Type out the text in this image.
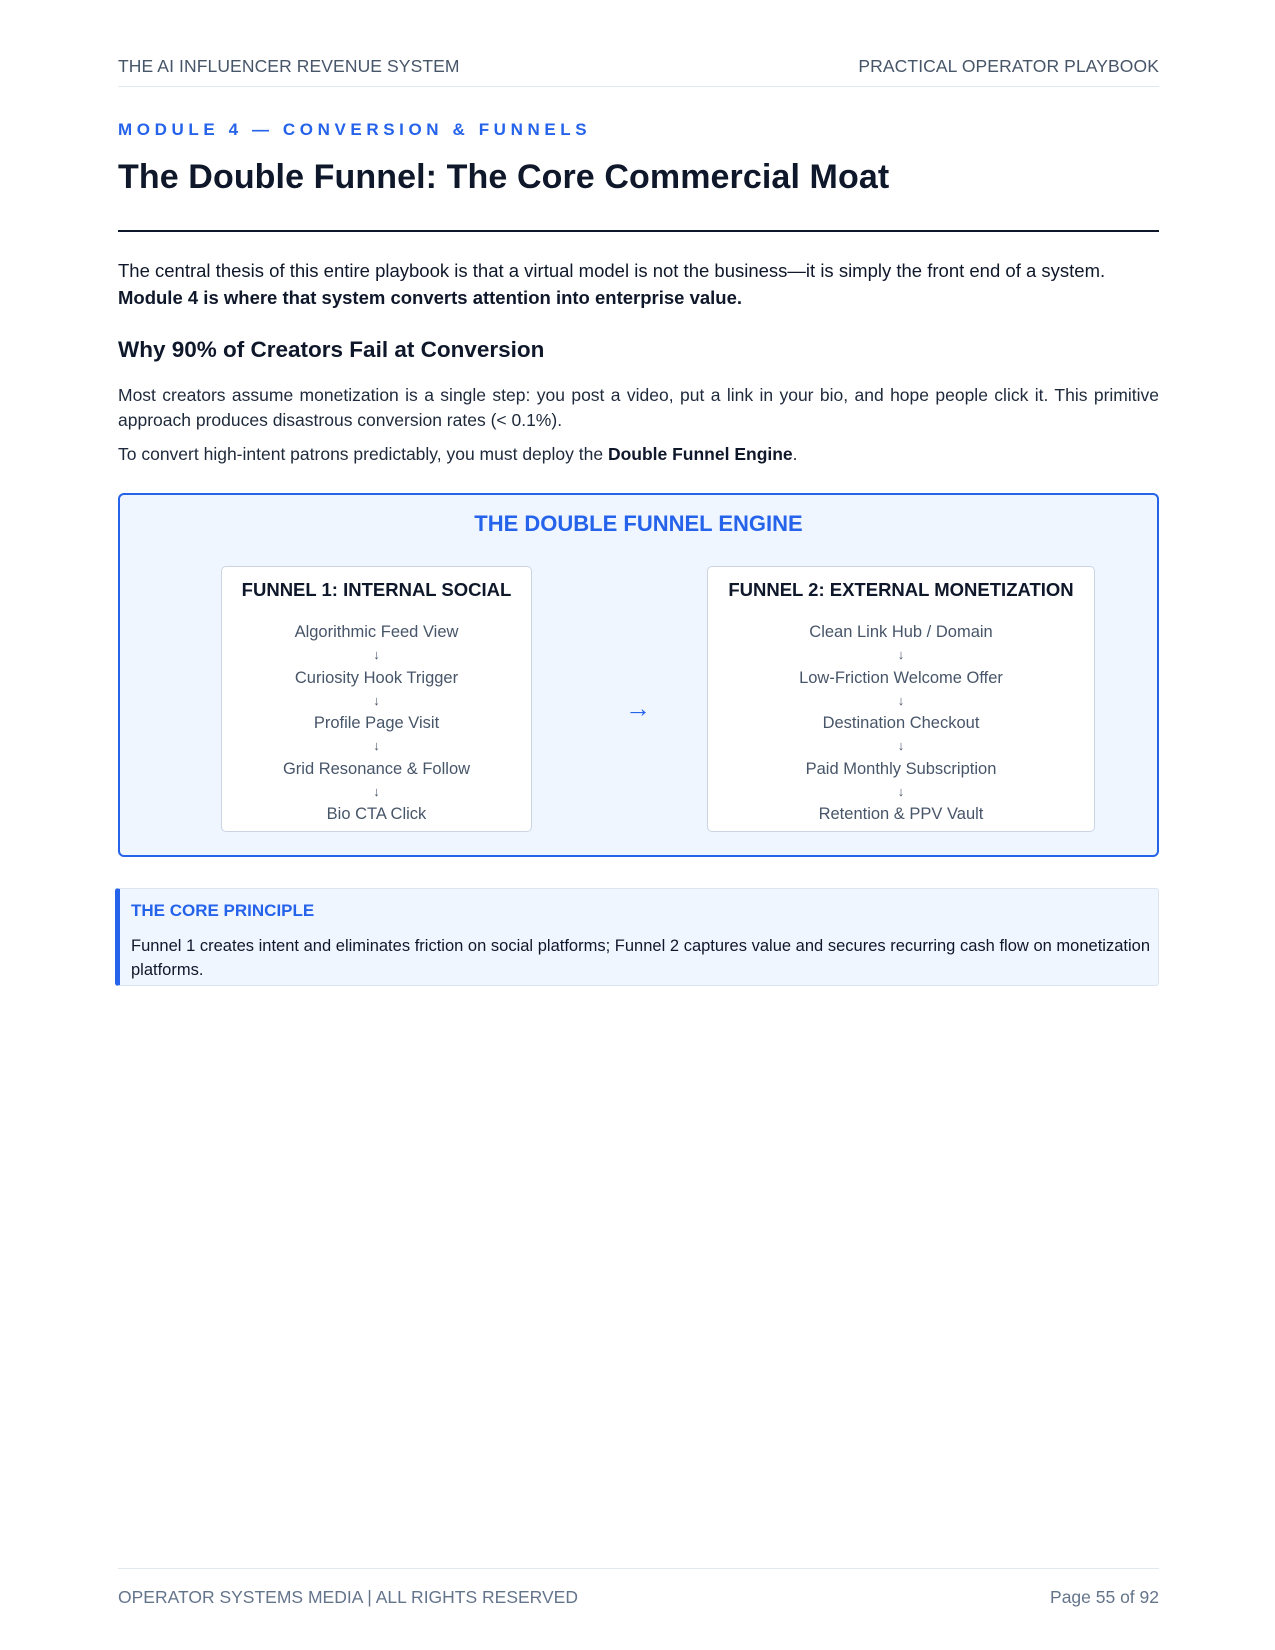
THE AI INFLUENCER REVENUE SYSTEM	PRACTICAL OPERATOR PLAYBOOK
MODULE 4 — CONVERSION & FUNNELS
The Double Funnel: The Core Commercial Moat

The central thesis of this entire playbook is that a virtual model is not the business—it is simply the front end of a system.
Module 4 is where that system converts attention into enterprise value.

Why 90% of Creators Fail at Conversion

Most creators assume monetization is a single step: you post a video, put a link in your bio, and hope people click it. This primitive approach produces disastrous conversion rates (< 0.1%).

To convert high-intent patrons predictably, you must deploy the Double Funnel Engine.

THE DOUBLE FUNNEL ENGINE
FUNNEL 1: INTERNAL SOCIAL
Algorithmic Feed View
↓
Curiosity Hook Trigger
↓
Profile Page Visit
↓
Grid Resonance & Follow
↓
Bio CTA Click
→
FUNNEL 2: EXTERNAL MONETIZATION
Clean Link Hub / Domain
↓
Low-Friction Welcome Offer
↓
Destination Checkout
↓
Paid Monthly Subscription
↓
Retention & PPV Vault
THE CORE PRINCIPLE

Funnel 1 creates intent and eliminates friction on social platforms; Funnel 2 captures value and secures recurring cash flow on monetization platforms.

OPERATOR SYSTEMS MEDIA | ALL RIGHTS RESERVED	Page 55 of 92
